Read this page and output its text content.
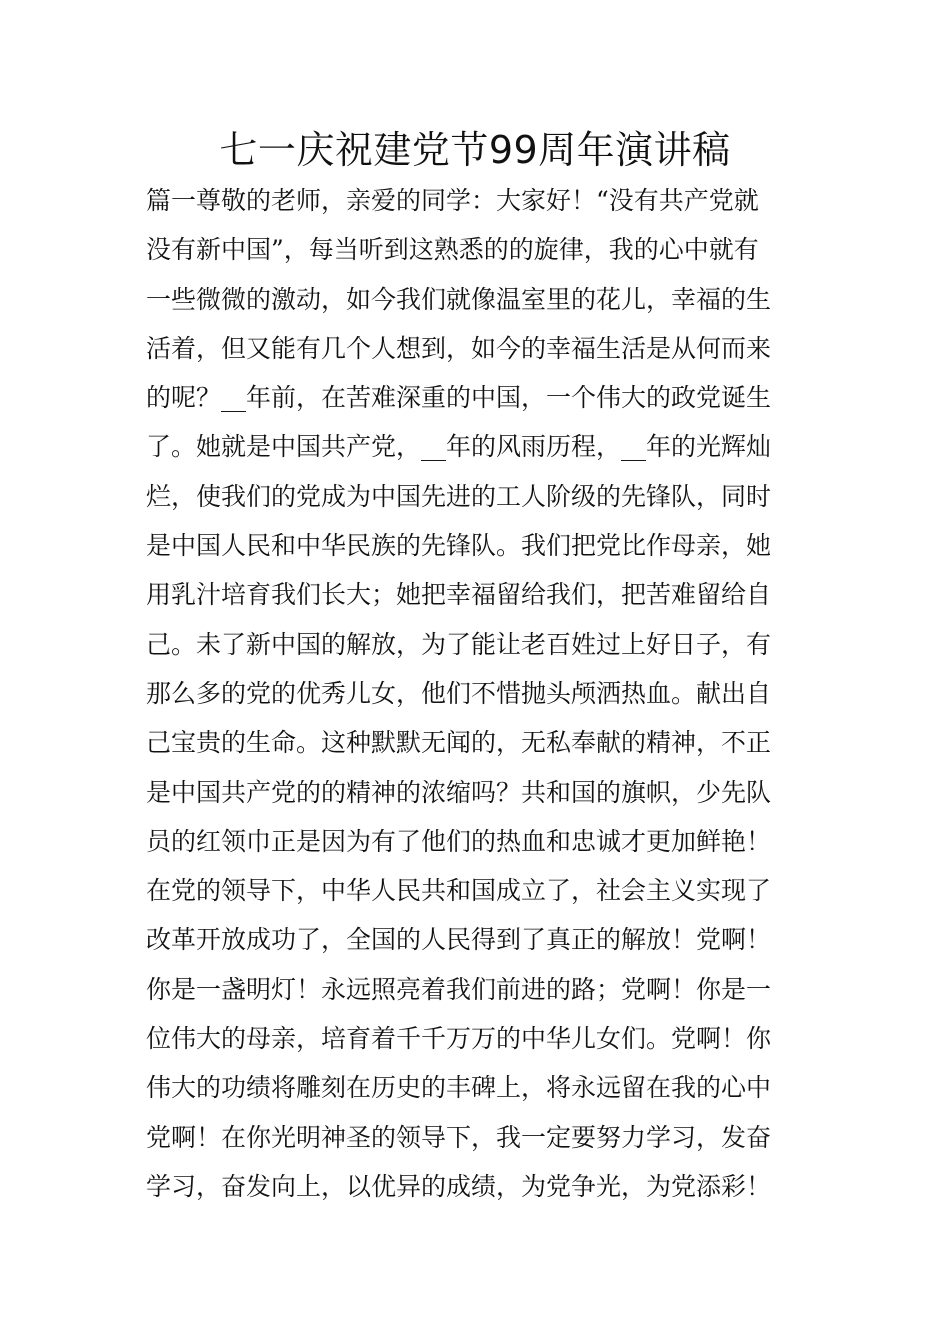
七一庆祝建党节99周年演讲稿
篇一尊敬的老师，亲爱的同学：大家好！“没有共产党就
没有新中国”，每当听到这熟悉的的旋律，我的心中就有
一些微微的激动，如今我们就像温室里的花儿，幸福的生
活着，但又能有几个人想到，如今的幸福生活是从何而来
的呢？__年前，在苦难深重的中国，一个伟大的政党诞生
了。她就是中国共产党，__年的风雨历程，__年的光辉灿
烂，使我们的党成为中国先进的工人阶级的先锋队，同时
是中国人民和中华民族的先锋队。我们把党比作母亲，她
用乳汁培育我们长大；她把幸福留给我们，把苦难留给自
己。未了新中国的解放，为了能让老百姓过上好日子，有
那么多的党的优秀儿女，他们不惜抛头颅洒热血。献出自
己宝贵的生命。这种默默无闻的，无私奉献的精神，不正
是中国共产党的的精神的浓缩吗？共和国的旗帜，少先队
员的红领巾正是因为有了他们的热血和忠诚才更加鲜艳！
在党的领导下，中华人民共和国成立了，社会主义实现了
改革开放成功了，全国的人民得到了真正的解放！党啊！
你是一盏明灯！永远照亮着我们前进的路；党啊！你是一
位伟大的母亲，培育着千千万万的中华儿女们。党啊！你
伟大的功绩将雕刻在历史的丰碑上，将永远留在我的心中
党啊！在你光明神圣的领导下，我一定要努力学习，发奋
学习，奋发向上，以优异的成绩，为党争光，为党添彩！
